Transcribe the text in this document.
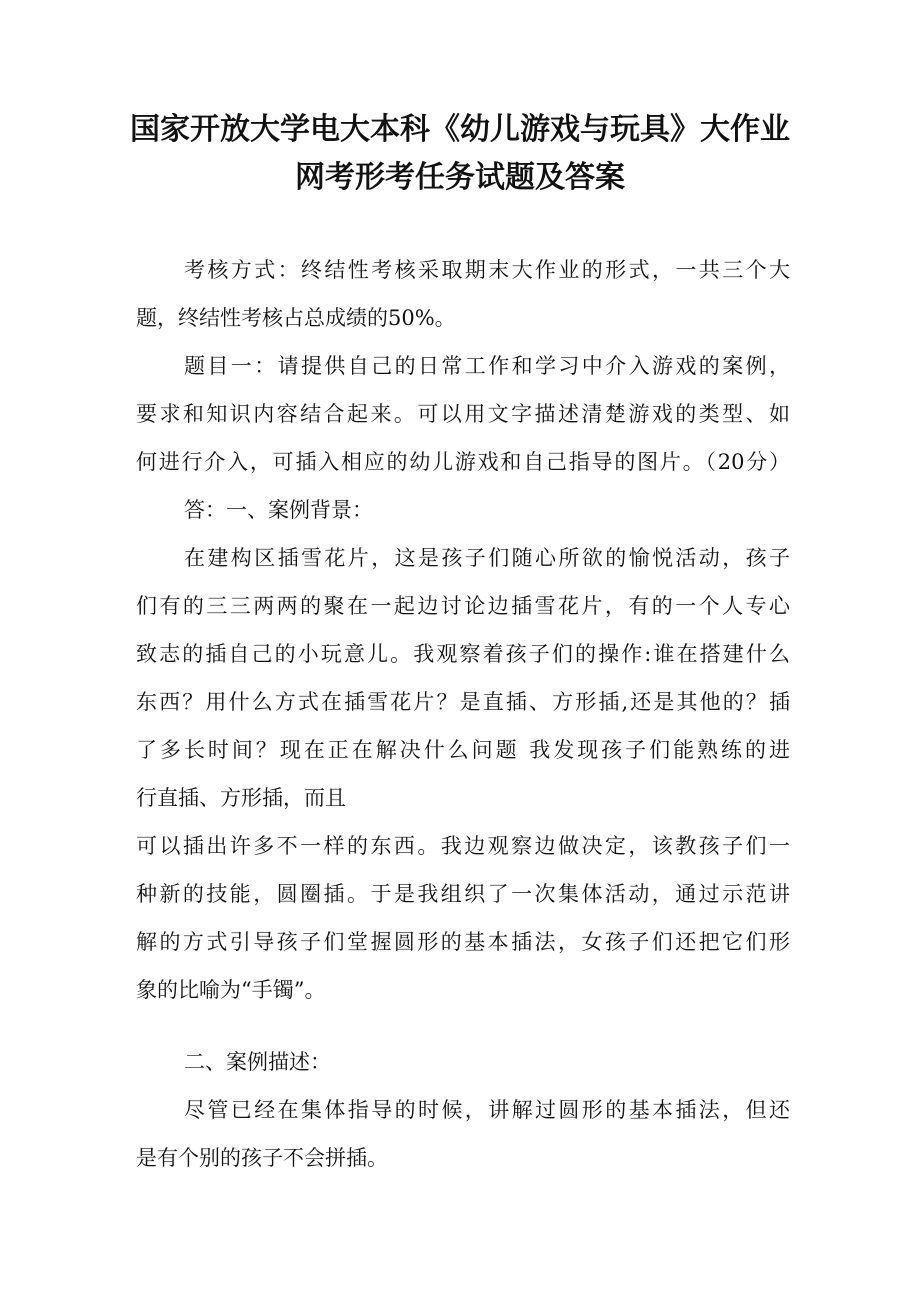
国家开放大学电大本科《幼儿游戏与玩具》大作业
网考形考任务试题及答案
考核方式：终结性考核采取期末大作业的形式，一共三个大
题，终结性考核占总成绩的50%。
题目一：请提供自己的日常工作和学习中介入游戏的案例，
要求和知识内容结合起来。可以用文字描述清楚游戏的类型、如
何进行介入，可插入相应的幼儿游戏和自己指导的图片。（20分）
答：一、案例背景：
在建构区插雪花片，这是孩子们随心所欲的愉悦活动，孩子
们有的三三两两的聚在一起边讨论边插雪花片，有的一个人专心
致志的插自己的小玩意儿。我观察着孩子们的操作:谁在搭建什么
东西？用什么方式在插雪花片？是直插、方形插,还是其他的？插
了多长时间？现在正在解决什么问题 我发现孩子们能熟练的进
行直插、方形插，而且
可以插出许多不一样的东西。我边观察边做决定，该教孩子们一
种新的技能，圆圈插。于是我组织了一次集体活动，通过示范讲
解的方式引导孩子们堂握圆形的基本插法，女孩子们还把它们形
象的比喻为“手镯”。
二、案例描述：
尽管已经在集体指导的时候，讲解过圆形的基本插法，但还
是有个别的孩子不会拼插。
